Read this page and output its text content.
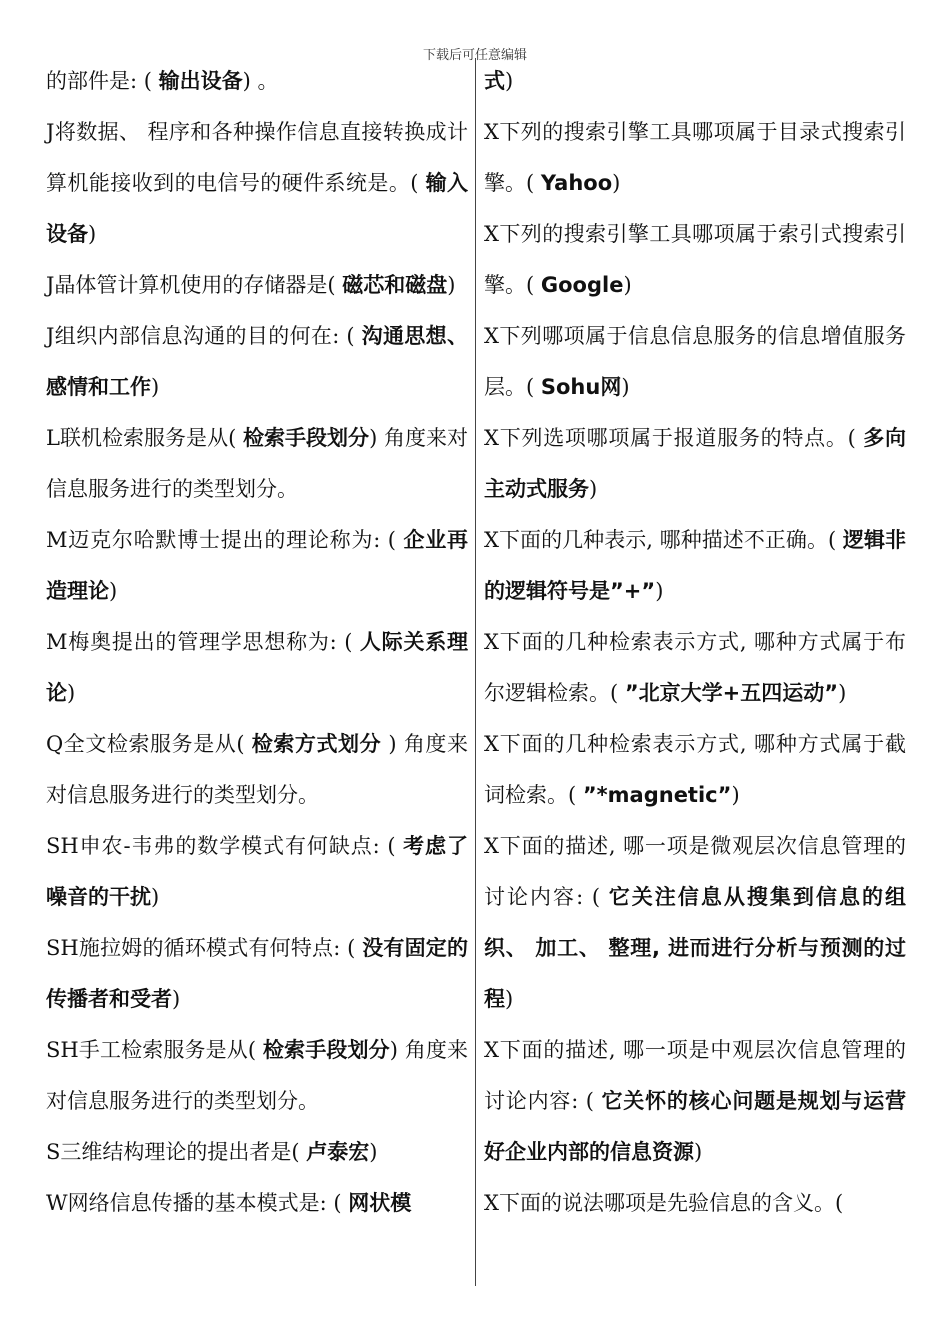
下载后可任意编辑
的部件是: ( 输出设备) 。
J将数据、 程序和各种操作信息直接转换成计算机能接收到的电信号的硬件系统是。( 输入设备)
J晶体管计算机使用的存储器是( 磁芯和磁盘)
J组织内部信息沟通的目的何在: ( 沟通思想、 感情和工作)
L联机检索服务是从( 检索手段划分) 角度来对信息服务进行的类型划分。
M迈克尔哈默博士提出的理论称为: ( 企业再造理论)
M梅奥提出的管理学思想称为: ( 人际关系理论)
Q全文检索服务是从( 检索方式划分 ) 角度来对信息服务进行的类型划分。
SH申农-韦弗的数学模式有何缺点: ( 考虑了噪音的干扰)
SH施拉姆的循环模式有何特点: ( 没有固定的传播者和受者)
SH手工检索服务是从( 检索手段划分) 角度来对信息服务进行的类型划分。
S三维结构理论的提出者是( 卢泰宏)
W网络信息传播的基本模式是: ( 网状模
式)
X下列的搜索引擎工具哪项属于目录式搜索引擎。( Yahoo)
X下列的搜索引擎工具哪项属于索引式搜索引擎。( Google)
X下列哪项属于信息信息服务的信息增值服务层。( Sohu网)
X下列选项哪项属于报道服务的特点。( 多向主动式服务)
X下面的几种表示, 哪种描述不正确。( 逻辑非的逻辑符号是”+”)
X下面的几种检索表示方式, 哪种方式属于布尔逻辑检索。( ”北京大学+五四运动”)
X下面的几种检索表示方式, 哪种方式属于截词检索。( ”*magnetic”)
X下面的描述, 哪一项是微观层次信息管理的讨论内容: ( 它关注信息从搜集到信息的组织、 加工、 整理, 进而进行分析与预测的过程)
X下面的描述, 哪一项是中观层次信息管理的讨论内容: ( 它关怀的核心问题是规划与运营好企业内部的信息资源)
X下面的说法哪项是先验信息的含义。(
